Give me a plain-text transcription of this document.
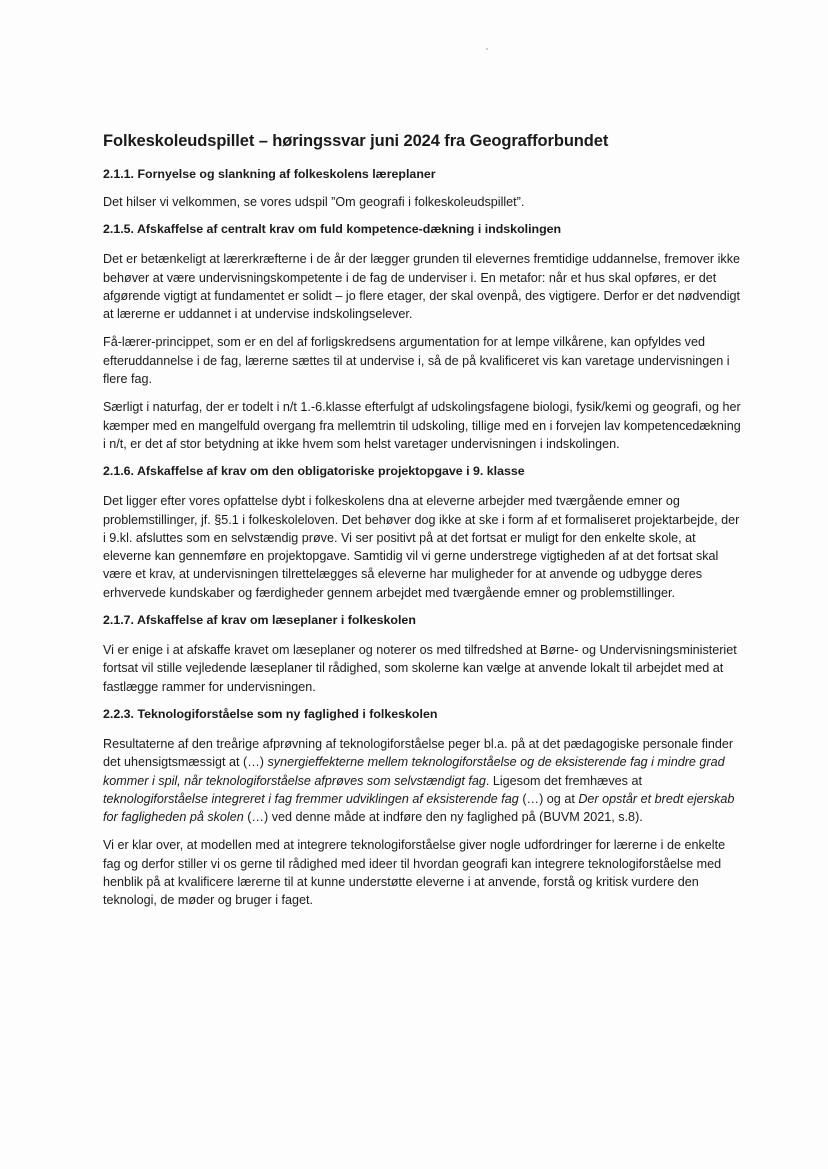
Folkeskoleudspillet – høringssvar juni 2024 fra Geografforbundet
2.1.1. Fornyelse og slankning af folkeskolens læreplaner

Det hilser vi velkommen, se vores udspil ”Om geografi i folkeskoleudspillet”.

2.1.5. Afskaffelse af centralt krav om fuld kompetence-dækning i indskolingen

Det er betænkeligt at lærerkræfterne i de år der lægger grunden til elevernes fremtidige uddannelse, fremover ikke behøver at være undervisningskompetente i de fag de underviser i. En metafor: når et hus skal opføres, er det afgørende vigtigt at fundamentet er solidt – jo flere etager, der skal ovenpå, des vigtigere. Derfor er det nødvendigt at lærerne er uddannet i at undervise indskolingselever.

Få-lærer-princippet, som er en del af forligskredsens argumentation for at lempe vilkårene, kan opfyldes ved efteruddannelse i de fag, lærerne sættes til at undervise i, så de på kvalificeret vis kan varetage undervisningen i flere fag.

Særligt i naturfag, der er todelt i n/t 1.-6.klasse efterfulgt af udskolingsfagene biologi, fysik/kemi og geografi, og her kæmper med en mangelfuld overgang fra mellemtrin til udskoling, tillige med en i forvejen lav kompetencedækning i n/t, er det af stor betydning at ikke hvem som helst varetager undervisningen i indskolingen.

2.1.6. Afskaffelse af krav om den obligatoriske projektopgave i 9. klasse

Det ligger efter vores opfattelse dybt i folkeskolens dna at eleverne arbejder med tværgående emner og problemstillinger, jf. §5.1 i folkeskoleloven. Det behøver dog ikke at ske i form af et formaliseret projektarbejde, der i 9.kl. afsluttes som en selvstændig prøve. Vi ser positivt på at det fortsat er muligt for den enkelte skole, at eleverne kan gennemføre en projektopgave. Samtidig vil vi gerne understrege vigtigheden af at det fortsat skal være et krav, at undervisningen tilrettelægges så eleverne har muligheder for at anvende og udbygge deres erhvervede kundskaber og færdigheder gennem arbejdet med tværgående emner og problemstillinger.

2.1.7. Afskaffelse af krav om læseplaner i folkeskolen

Vi er enige i at afskaffe kravet om læseplaner og noterer os med tilfredshed at Børne- og Undervisningsministeriet fortsat vil stille vejledende læseplaner til rådighed, som skolerne kan vælge at anvende lokalt til arbejdet med at fastlægge rammer for undervisningen.

2.2.3. Teknologiforståelse som ny faglighed i folkeskolen

Resultaterne af den treårige afprøvning af teknologiforståelse peger bl.a. på at det pædagogiske personale finder det uhensigtsmæssigt at (…) synergieffekterne mellem teknologiforståelse og de eksisterende fag i mindre grad kommer i spil, når teknologiforståelse afprøves som selvstændigt fag. Ligesom det fremhæves at teknologiforståelse integreret i fag fremmer udviklingen af eksisterende fag (…) og at Der opstår et bredt ejerskab for fagligheden på skolen (…) ved denne måde at indføre den ny faglighed på (BUVM 2021, s.8).

Vi er klar over, at modellen med at integrere teknologiforståelse giver nogle udfordringer for lærerne i de enkelte fag og derfor stiller vi os gerne til rådighed med ideer til hvordan geografi kan integrere teknologiforståelse med henblik på at kvalificere lærerne til at kunne understøtte eleverne i at anvende, forstå og kritisk vurdere den teknologi, de møder og bruger i faget.
